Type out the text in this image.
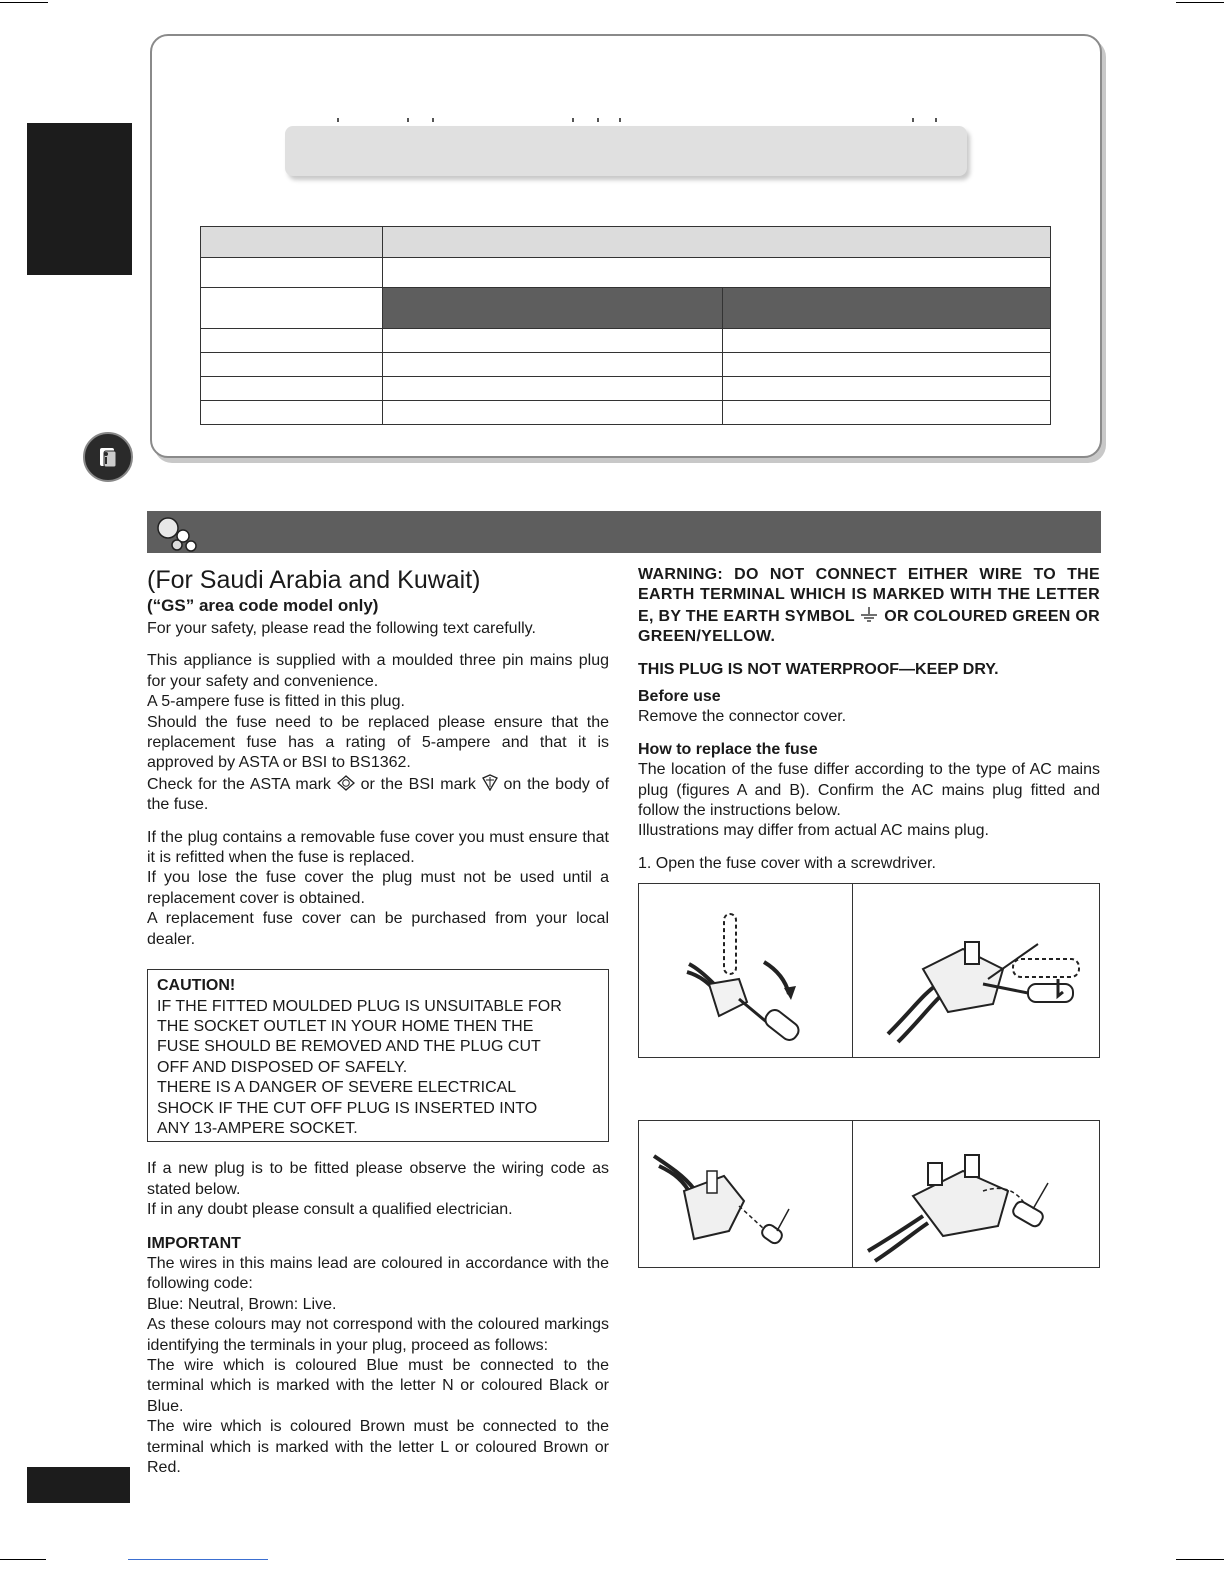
(For Saudi Arabia and Kuwait)
(“GS” area code model only)

For your safety, please read the following text carefully.

This appliance is supplied with a moulded three pin mains plug for your safety and convenience.

A 5-ampere fuse is fitted in this plug.

Should the fuse need to be replaced please ensure that the replacement fuse has a rating of 5-ampere and that it is approved by ASTA or BSI to BS1362.

Check for the ASTA mark or the BSI mark on the body of the fuse.

If the plug contains a removable fuse cover you must ensure that it is refitted when the fuse is replaced.

If you lose the fuse cover the plug must not be used until a replacement cover is obtained.

A replacement fuse cover can be purchased from your local dealer.

CAUTION!

IF THE FITTED MOULDED PLUG IS UNSUITABLE FOR

THE SOCKET OUTLET IN YOUR HOME THEN THE

FUSE SHOULD BE REMOVED AND THE PLUG CUT

OFF AND DISPOSED OF SAFELY.

THERE IS A DANGER OF SEVERE ELECTRICAL

SHOCK IF THE CUT OFF PLUG IS INSERTED INTO

ANY 13-AMPERE SOCKET.

If a new plug is to be fitted please observe the wiring code as stated below.

If in any doubt please consult a qualified electrician.

IMPORTANT

The wires in this mains lead are coloured in accordance with the following code:

Blue: Neutral, Brown: Live.

As these colours may not correspond with the coloured markings identifying the terminals in your plug, proceed as follows:

The wire which is coloured Blue must be connected to the terminal which is marked with the letter N or coloured Black or Blue.

The wire which is coloured Brown must be connected to the terminal which is marked with the letter L or coloured Brown or Red.

WARNING: DO NOT CONNECT EITHER WIRE TO THE EARTH TERMINAL WHICH IS MARKED WITH THE LETTER E, BY THE EARTH SYMBOL OR COLOURED GREEN OR GREEN/YELLOW.

THIS PLUG IS NOT WATERPROOF—KEEP DRY.

Before use

Remove the connector cover.

How to replace the fuse

The location of the fuse differ according to the type of AC mains plug (figures A and B). Confirm the AC mains plug fitted and follow the instructions below.

Illustrations may differ from actual AC mains plug.

1. Open the fuse cover with a screwdriver.
